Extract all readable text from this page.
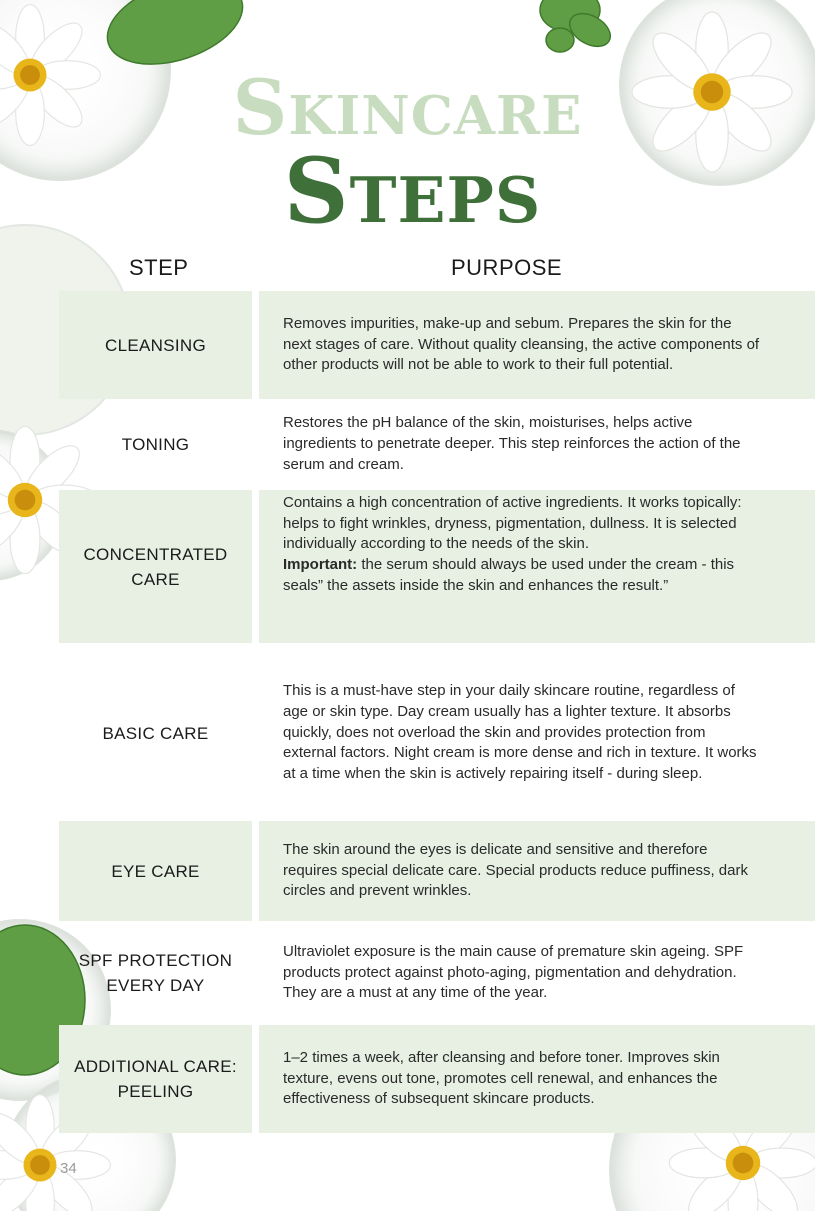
Skincare
Steps
STEP	PURPOSE
CLEANSING
Removes impurities, make-up and sebum. Prepares the skin for the next stages of care. Without quality cleansing, the active components of other products will not be able to work to their full potential.
TONING
Restores the pH balance of the skin, moisturises, helps active ingredients to penetrate deeper. This step reinforces the action of the serum and cream.
CONCENTRATED CARE
Contains a high concentration of active ingredients. It works topically: helps to fight wrinkles, dryness, pigmentation, dullness. It is selected individually according to the needs of the skin.
Important: the serum should always be used under the cream - this seals” the assets inside the skin and enhances the result.”
BASIC CARE
This is a must-have step in your daily skincare routine, regardless of age or skin type. Day cream usually has a lighter texture. It absorbs quickly, does not overload the skin and provides protection from external factors. Night cream is more dense and rich in texture. It works at a time when the skin is actively repairing itself - during sleep.
EYE CARE
The skin around the eyes is delicate and sensitive and therefore requires special delicate care. Special products reduce puffiness, dark circles and prevent wrinkles.
SPF PROTECTION EVERY DAY
Ultraviolet exposure is the main cause of premature skin ageing. SPF products protect against photo-aging, pigmentation and dehydration. They are a must at any time of the year.
ADDITIONAL CARE: PEELING
1–2 times a week, after cleansing and before toner. Improves skin texture, evens out tone, promotes cell renewal, and enhances the effectiveness of subsequent skincare products.
34
